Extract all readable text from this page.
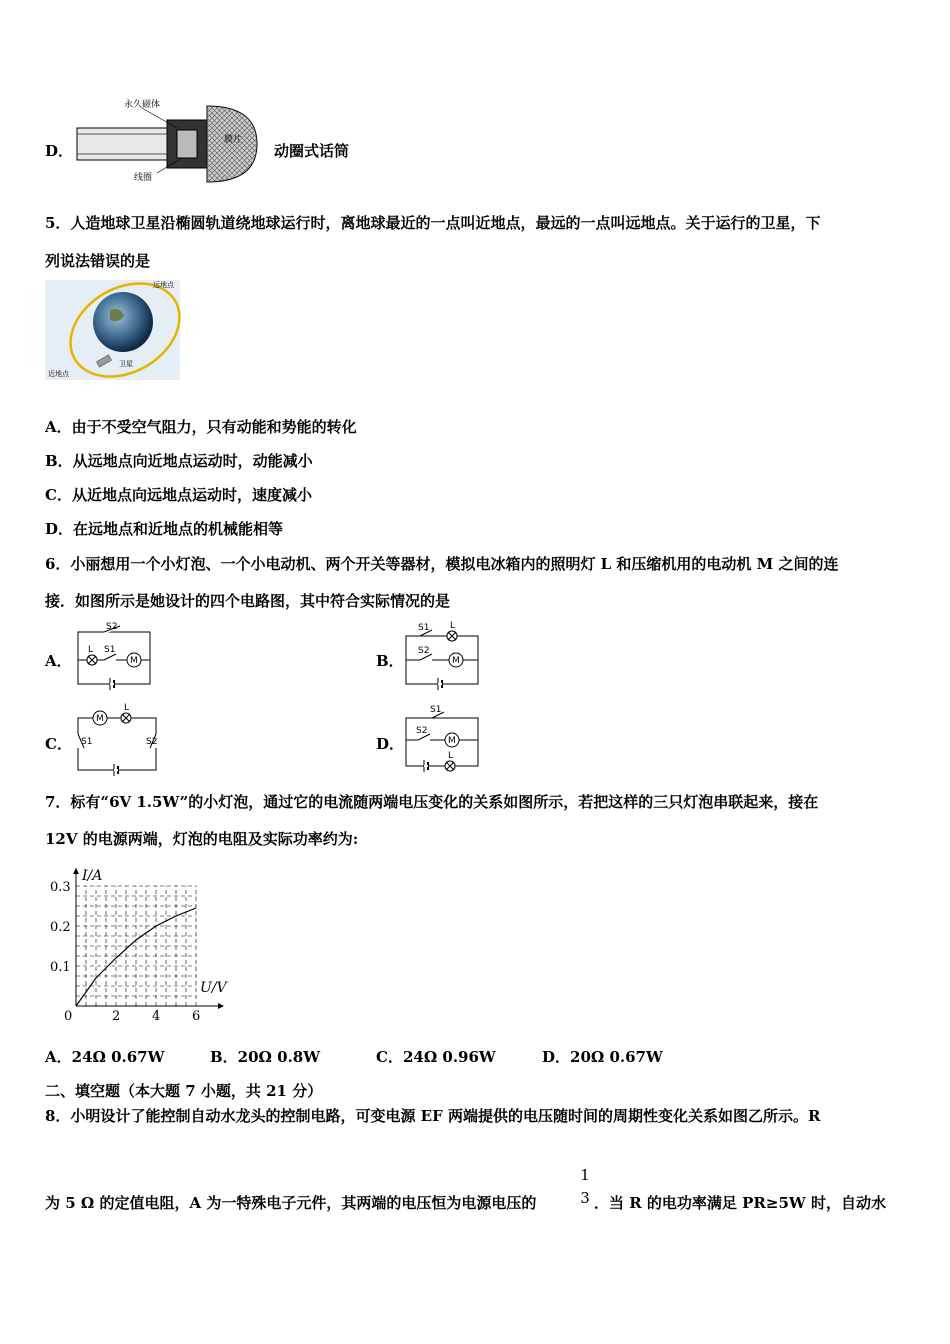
D．
永久磁体
线圈
膜片
动圈式话筒
5．人造地球卫星沿椭圆轨道绕地球运行时，离地球最近的一点叫近地点，最远的一点叫远地点。关于运行的卫星，下
列说法错误的是
远地点
卫星
近地点
A．由于不受空气阻力，只有动能和势能的转化
B．从远地点向近地点运动时，动能减小
C．从近地点向远地点运动时，速度减小
D．在远地点和近地点的机械能相等
6．小丽想用一个小灯泡、一个小电动机、两个开关等器材，模拟电冰箱内的照明灯 L 和压缩机用的电动机 M 之间的连
接．如图所示是她设计的四个电路图，其中符合实际情况的是
A．
S2
L S1
M	B．
S1 L
S2
M
C．
M
L
S1	S2	D．
S1
S2
M
L
7．标有“6V 1.5W”的小灯泡，通过它的电流随两端电压变化的关系如图所示，若把这样的三只灯泡串联起来，接在
12V 的电源两端，灯泡的电阻及实际功率约为:
0	2 4 6
0.1
0.2
0.3
I/A
U/V
A．24Ω 0.67W	B．20Ω 0.8W	C．24Ω 0.96W	D．20Ω 0.67W
二、填空题（本大题 7 小题，共 21 分）
8．小明设计了能控制自动水龙头的控制电路，可变电源 EF 两端提供的电压随时间的周期性变化关系如图乙所示。R
为 5 Ω 的定值电阻，A 为一特殊电子元件，其两端的电压恒为电源电压的
1
3 ．当 R 的电功率满足 PR≥5W 时，自动水
